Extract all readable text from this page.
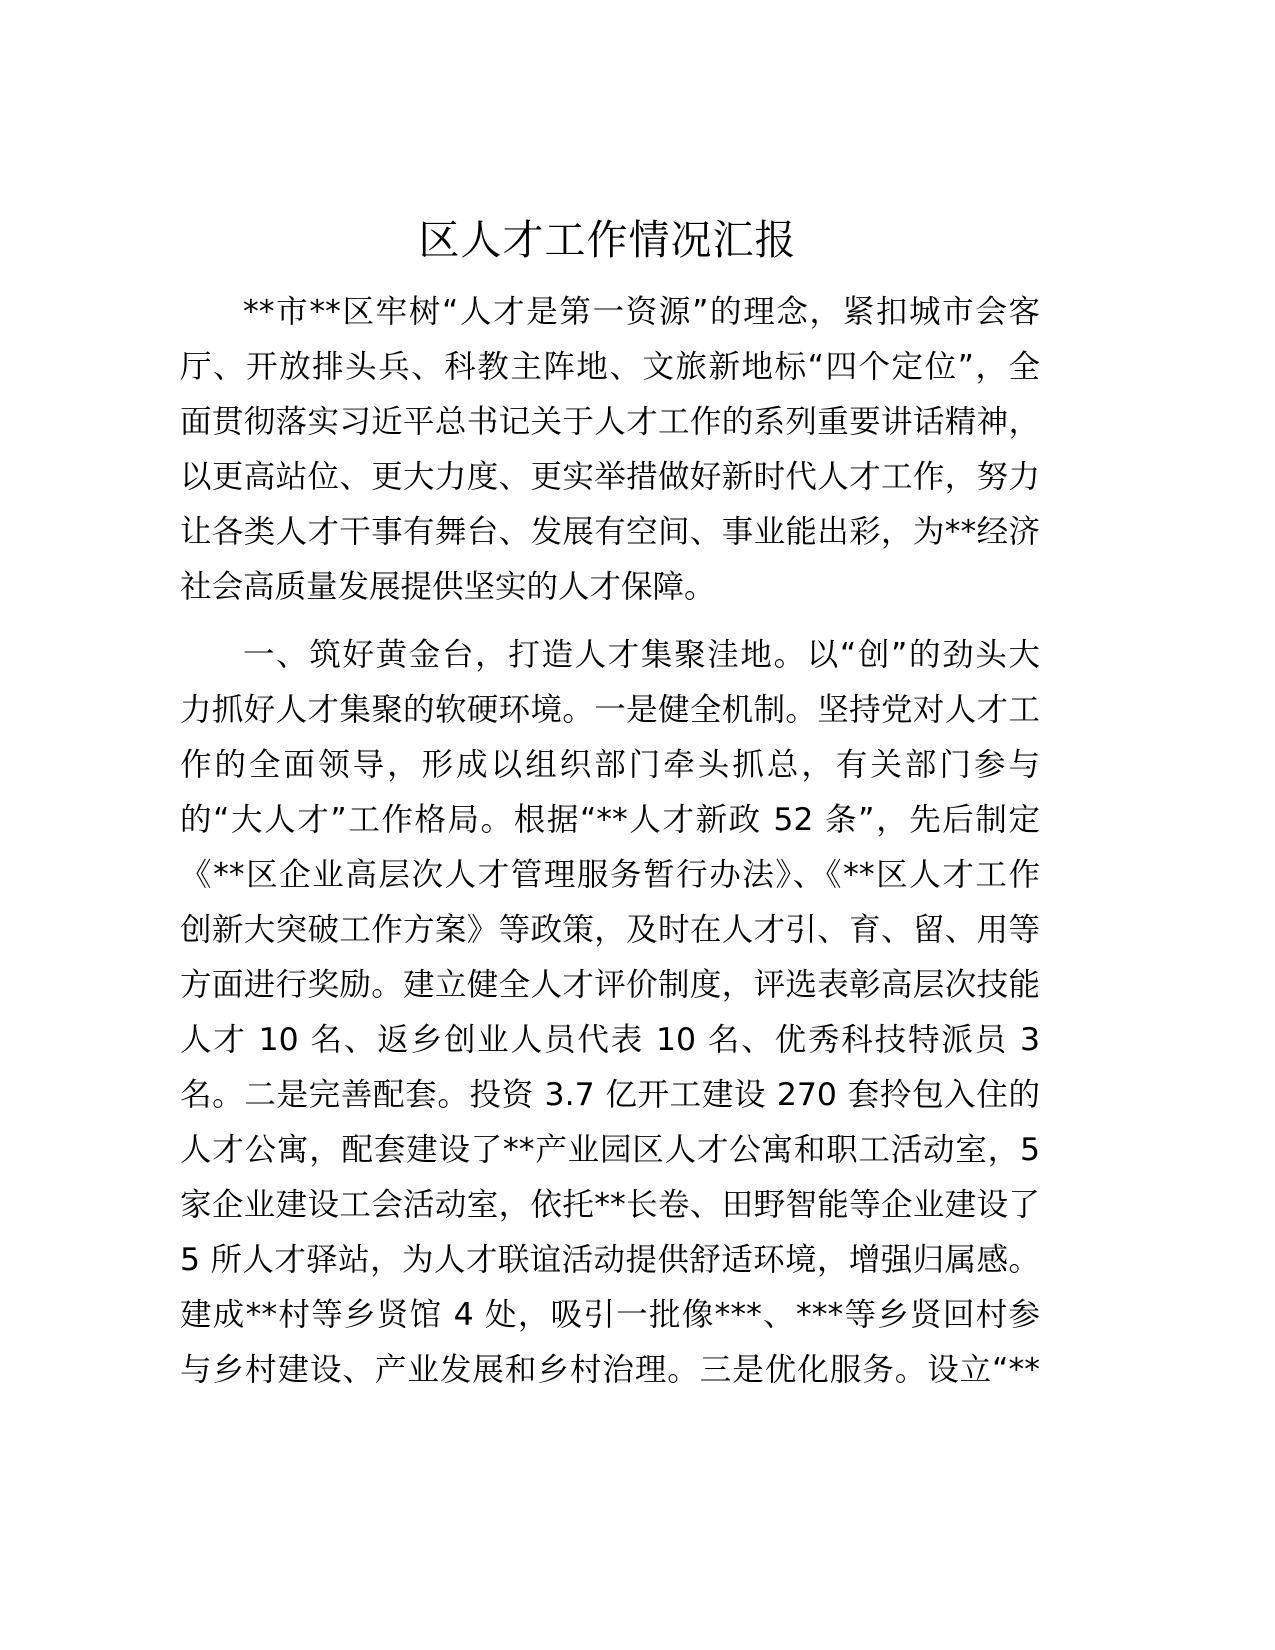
区人才工作情况汇报

**市**区牢树“人才是第一资源”的理念，紧扣城市会客

厅、开放排头兵、科教主阵地、文旅新地标“四个定位”，全

面贯彻落实习近平总书记关于人才工作的系列重要讲话精神，

以更高站位、更大力度、更实举措做好新时代人才工作，努力

让各类人才干事有舞台、发展有空间、事业能出彩，为**经济

社会高质量发展提供坚实的人才保障。

一、筑好黄金台，打造人才集聚洼地。以“创”的劲头大

力抓好人才集聚的软硬环境。一是健全机制。坚持党对人才工

作的全面领导，形成以组织部门牵头抓总，有关部门参与

的“大人才”工作格局。根据“**人才新政 52 条”，先后制定

《**区企业高层次人才管理服务暂行办法》、《**区人才工作

创新大突破工作方案》等政策，及时在人才引、育、留、用等

方面进行奖励。建立健全人才评价制度，评选表彰高层次技能

人才 10 名、返乡创业人员代表 10 名、优秀科技特派员 3

名。二是完善配套。投资 3.7 亿开工建设 270 套拎包入住的

人才公寓，配套建设了**产业园区人才公寓和职工活动室，5

家企业建设工会活动室，依托**长卷、田野智能等企业建设了

5 所人才驿站，为人才联谊活动提供舒适环境，增强归属感。

建成**村等乡贤馆 4 处，吸引一批像***、***等乡贤回村参

与乡村建设、产业发展和乡村治理。三是优化服务。设立“**
